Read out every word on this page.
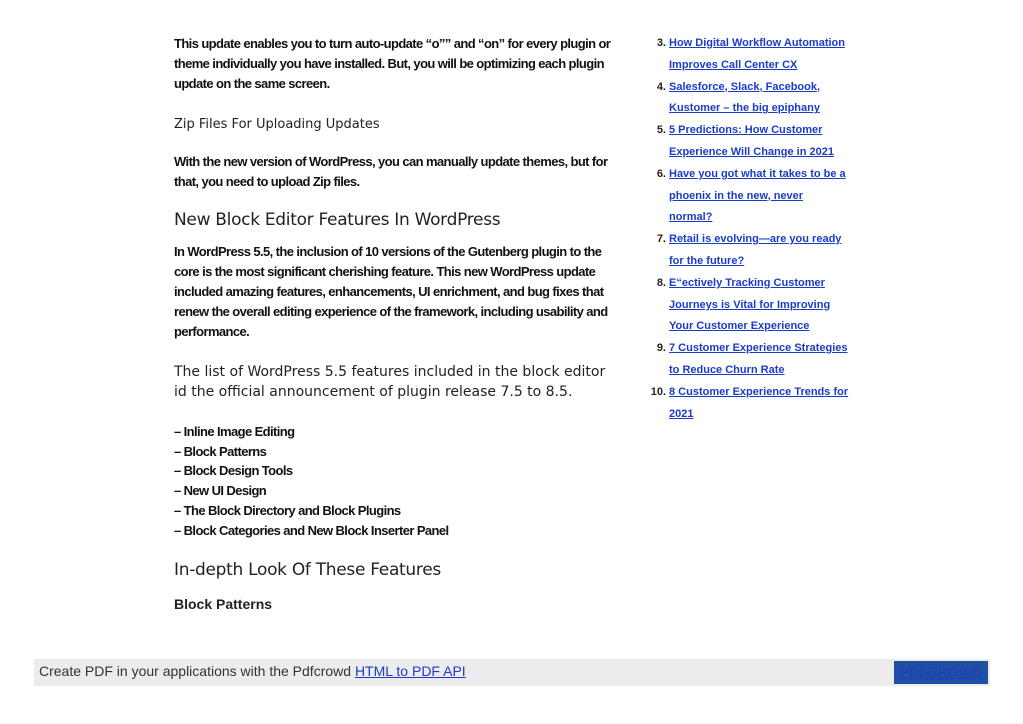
This update enables you to turn auto-update “o”” and “on” for every plugin or theme individually you have installed. But, you will be optimizing each plugin update on the same screen.

Zip Files For Uploading Updates

With the new version of WordPress, you can manually update themes, but for that, you need to upload Zip files.

New Block Editor Features In WordPress

In WordPress 5.5, the inclusion of 10 versions of the Gutenberg plugin to the core is the most significant cherishing feature. This new WordPress update included amazing features, enhancements, UI enrichment, and bug fixes that renew the overall editing experience of the framework, including usability and performance.

The list of WordPress 5.5 features included in the block editor id the official announcement of plugin release 7.5 to 8.5.

– Inline Image Editing
– Block Patterns
– Block Design Tools
– New UI Design
– The Block Directory and Block Plugins
– Block Categories and New Block Inserter Panel

In-depth Look Of These Features

Block Patterns

3. How Digital Workflow Automation Improves Call Center CX
4. Salesforce, Slack, Facebook, Kustomer – the big epiphany
5. 5 Predictions: How Customer Experience Will Change in 2021
6. Have you got what it takes to be a phoenix in the new, never normal?
7. Retail is evolving—are you ready for the future?
8. E“ectively Tracking Customer Journeys is Vital for Improving Your Customer Experience
9. 7 Customer Experience Strategies to Reduce Churn Rate
10. 8 Customer Experience Trends for 2021
Create PDF in your applications with the Pdfcrowd HTML to PDF API	PDFCROWD
